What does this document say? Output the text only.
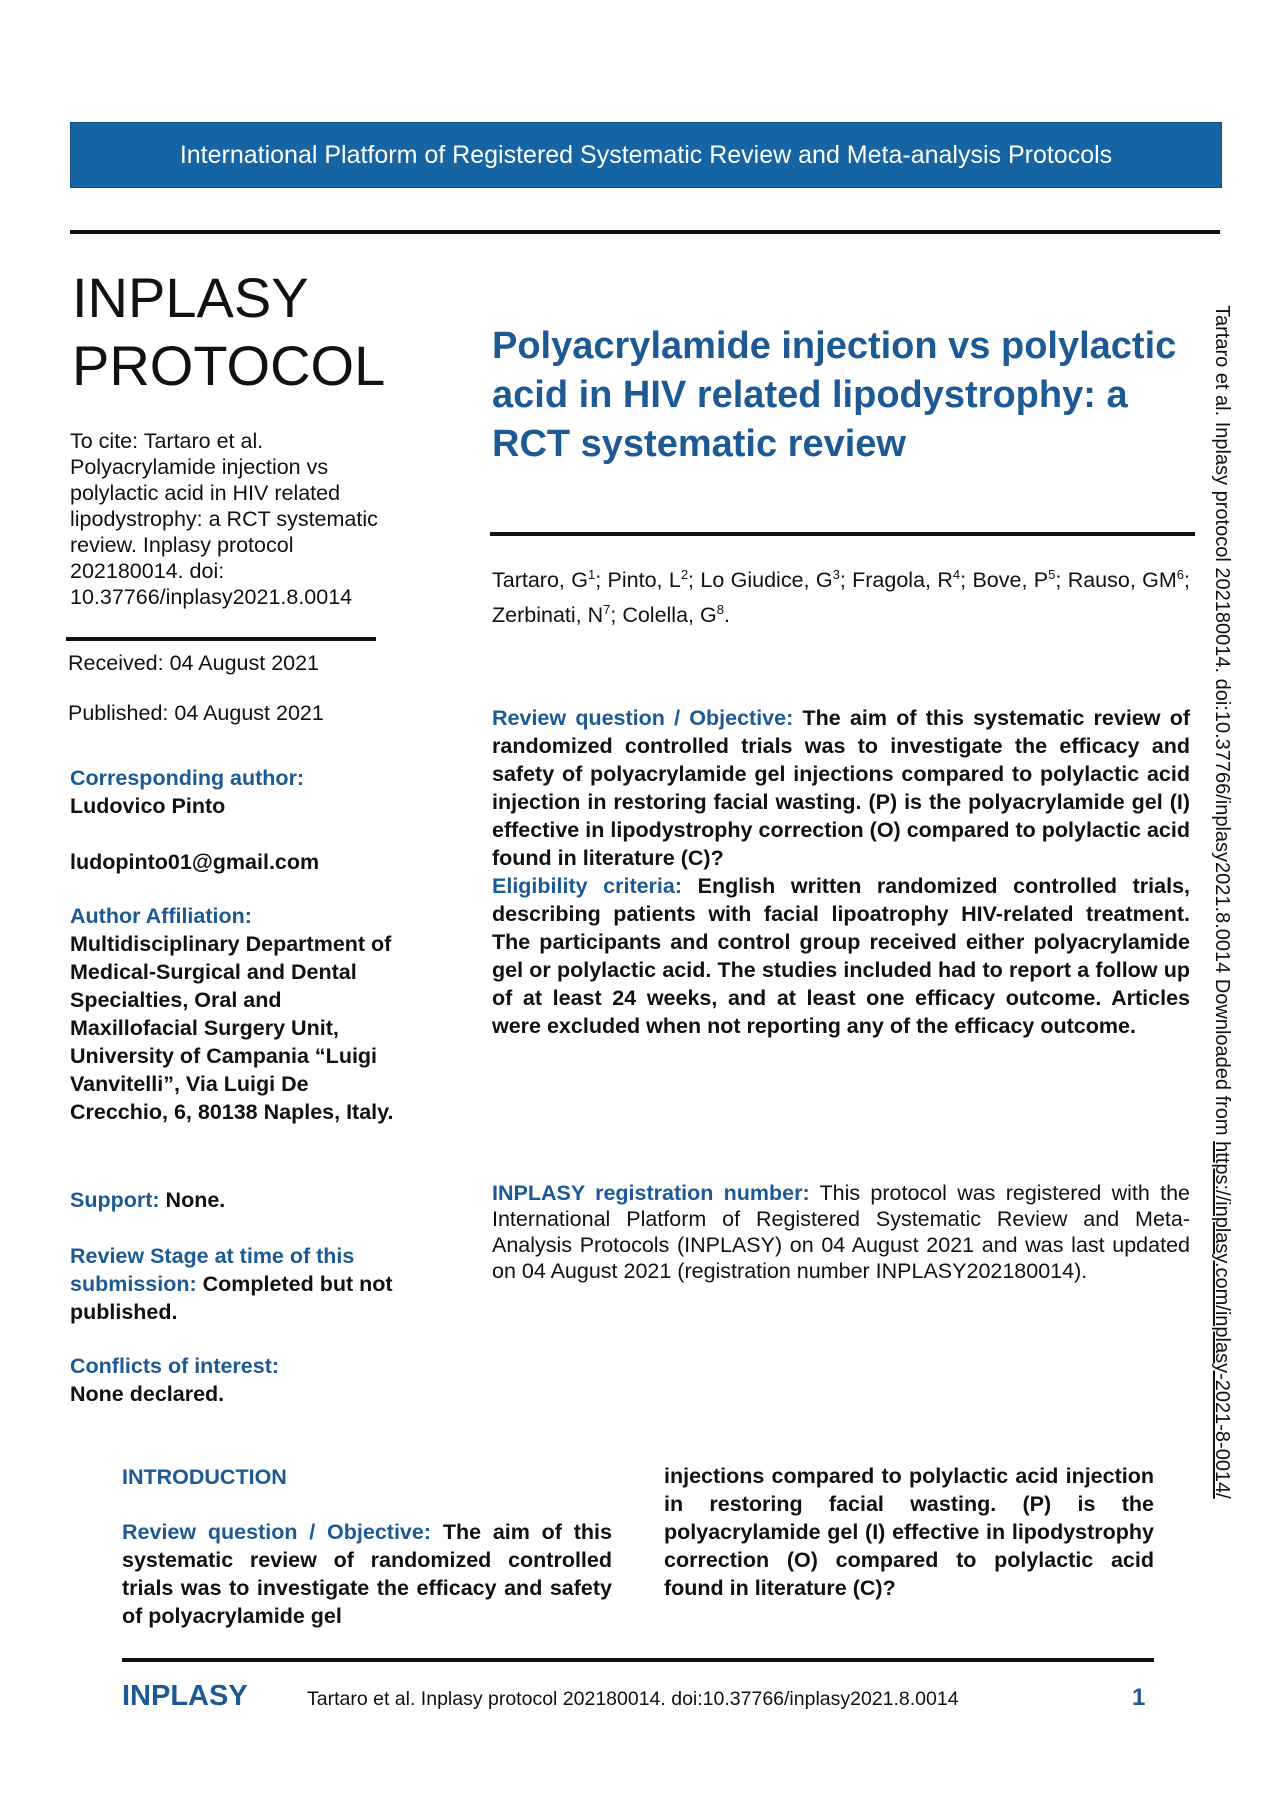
International Platform of Registered Systematic Review and Meta-analysis Protocols
INPLASY
PROTOCOL
To cite: Tartaro et al. Polyacrylamide injection vs polylactic acid in HIV related lipodystrophy: a RCT systematic review. Inplasy protocol 202180014. doi: 10.37766/inplasy2021.8.0014
Received: 04 August 2021
Published: 04 August 2021
Corresponding author:
Ludovico Pinto
ludopinto01@gmail.com
Author Affiliation:
Multidisciplinary Department of Medical-Surgical and Dental Specialties, Oral and Maxillofacial Surgery Unit, University of Campania “Luigi Vanvitelli”, Via Luigi De Crecchio, 6, 80138 Naples, Italy.
Support: None.
Review Stage at time of this submission: Completed but not published.
Conflicts of interest:
None declared.
Polyacrylamide injection vs polylactic acid in HIV related lipodystrophy: a RCT systematic review
Tartaro, $G^1$; Pinto, $L^2$; Lo Giudice, $G^3$; Fragola, $R^4$; Bove, $P^5$; Rauso, $GM^6$; Zerbinati, $N^7$; Colella, $G^8$.
Review question / Objective: The aim of this systematic review of randomized controlled trials was to investigate the efficacy and safety of polyacrylamide gel injections compared to polylactic acid injection in restoring facial wasting. (P) is the polyacrylamide gel (I) effective in lipodystrophy correction (O) compared to polylactic acid found in literature (C)?
Eligibility criteria: English written randomized controlled trials, describing patients with facial lipoatrophy HIV-related treatment. The participants and control group received either polyacrylamide gel or polylactic acid. The studies included had to report a follow up of at least 24 weeks, and at least one efficacy outcome. Articles were excluded when not reporting any of the efficacy outcome.
INPLASY registration number: This protocol was registered with the International Platform of Registered Systematic Review and Meta-Analysis Protocols (INPLASY) on 04 August 2021 and was last updated on 04 August 2021 (registration number INPLASY202180014).
Tartaro et al. Inplasy protocol 202180014. doi:10.37766/inplasy2021.8.0014 Downloaded from https://inplasy.com/inplasy-2021-8-0014/
INTRODUCTION
Review question / Objective: The aim of this systematic review of randomized controlled trials was to investigate the efficacy and safety of polyacrylamide gel
injections compared to polylactic acid injection in restoring facial wasting. (P) is the polyacrylamide gel (I) effective in lipodystrophy correction (O) compared to polylactic acid found in literature (C)?
INPLASY	Tartaro et al. Inplasy protocol 202180014. doi:10.37766/inplasy2021.8.0014	1
